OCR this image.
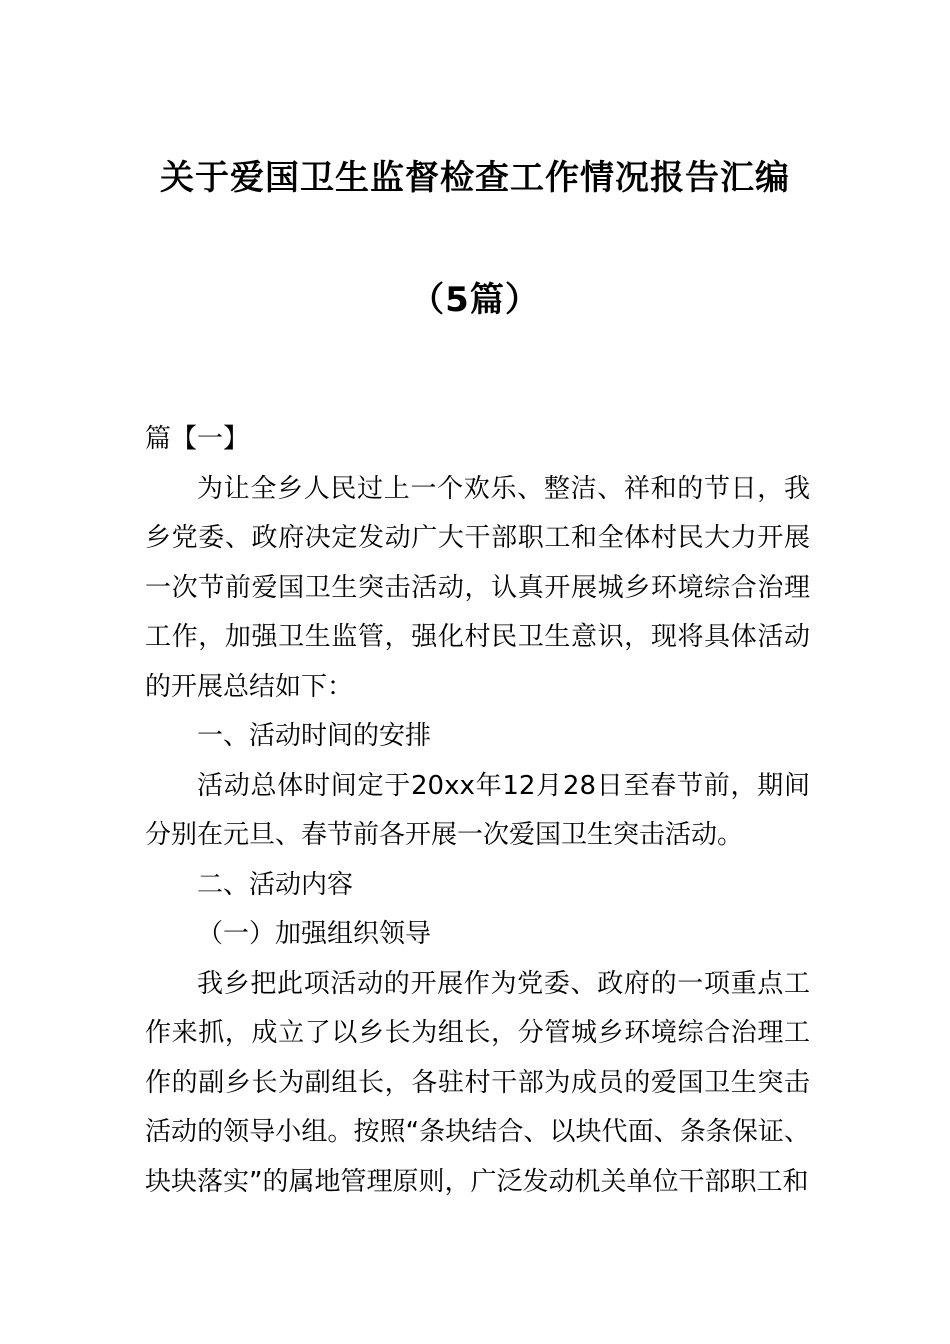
关于爱国卫生监督检查工作情况报告汇编
（5篇）

篇【一】

为让全乡人民过上一个欢乐、整洁、祥和的节日，我乡党委、政府决定发动广大干部职工和全体村民大力开展一次节前爱国卫生突击活动，认真开展城乡环境综合治理工作，加强卫生监管，强化村民卫生意识，现将具体活动的开展总结如下：

一、活动时间的安排

活动总体时间定于20xx年12月28日至春节前，期间分别在元旦、春节前各开展一次爱国卫生突击活动。

二、活动内容

（一）加强组织领导

我乡把此项活动的开展作为党委、政府的一项重点工作来抓，成立了以乡长为组长，分管城乡环境综合治理工作的副乡长为副组长，各驻村干部为成员的爱国卫生突击活动的领导小组。按照“条块结合、以块代面、条条保证、块块落实”的属地管理原则，广泛发动机关单位干部职工和
